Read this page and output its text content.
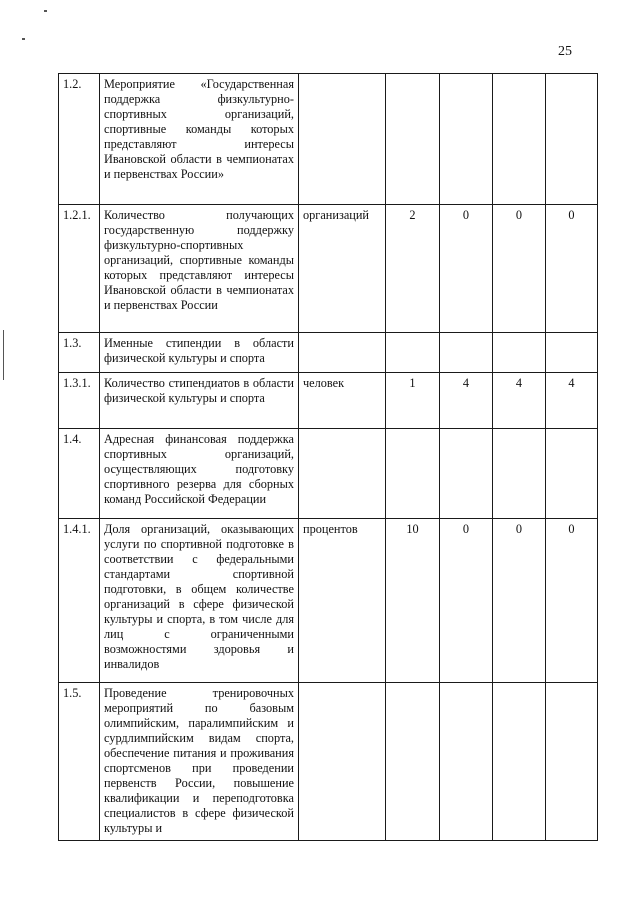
25
1.2.	Мероприятие «Государственная поддержка физкультурно-спортивных организаций, спортивные команды которых представляют интересы Ивановской области в чемпионатах и первенствах России»					
1.2.1.	Количество получающих государственную поддержку физкультурно-спортивных организаций, спортивные команды которых представляют интересы Ивановской области в чемпионатах и первенствах России	организаций	2	0	0	0
1.3.	Именные стипендии в области физической культуры и спорта					
1.3.1.	Количество стипендиатов в области физической культуры и спорта	человек	1	4	4	4
1.4.	Адресная финансовая поддержка спортивных организаций, осуществляющих подготовку спортивного резерва для сборных команд Российской Федерации					
1.4.1.	Доля организаций, оказывающих услуги по спортивной подготовке в соответствии с федеральными стандартами спортивной подготовки, в общем количестве организаций в сфере физической культуры и спорта, в том числе для лиц с ограниченными возможностями здоровья и инвалидов	процентов	10	0	0	0
1.5.	Проведение тренировочных мероприятий по базовым олимпийским, паралимпийским и сурдлимпийским видам спорта, обеспечение питания и проживания спортсменов при проведении первенств России, повышение квалификации и переподготовка специалистов в сфере физической культуры и					
